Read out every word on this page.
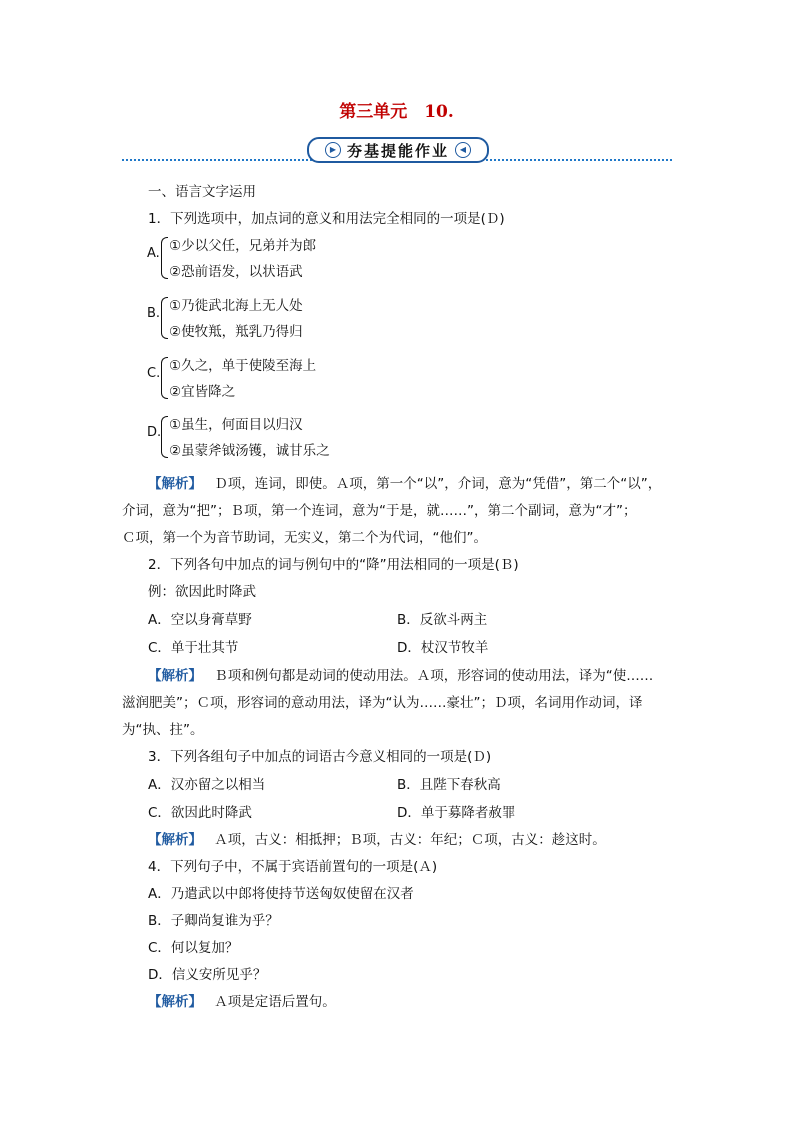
第三单元　10.
▶ 夯基提能作业	◀
一、语言文字运用
1．下列选项中，加点词的意义和用法完全相同的一项是(Ｄ)
A. ①少以父任，兄弟并为郎
②恐前语发，以状语武
B. ①乃徙武北海上无人处
②使牧羝，羝乳乃得归
C. ①久之，单于使陵至海上
②宜皆降之
D. ①虽生，何面目以归汉
②虽蒙斧钺汤镬，诚甘乐之
【解析】 Ｄ项，连词，即使。Ａ项，第一个“以”，介词，意为“凭借”，第二个“以”，
介词，意为“把”；Ｂ项，第一个连词，意为“于是，就……”，第二个副词，意为“才”；
Ｃ项，第一个为音节助词，无实义，第二个为代词，“他们”。
2．下列各句中加点的词与例句中的“降”用法相同的一项是(Ｂ)
例：欲因此时降武
A．空以身膏草野	B．反欲斗两主
C．单于壮其节	D．杖汉节牧羊
【解析】 Ｂ项和例句都是动词的使动用法。Ａ项，形容词的使动用法，译为“使……
滋润肥美”；Ｃ项，形容词的意动用法，译为“认为……豪壮”；Ｄ项，名词用作动词，译
为“执、拄”。
3．下列各组句子中加点的词语古今意义相同的一项是(Ｄ)
A．汉亦留之以相当	B．且陛下春秋高
C．欲因此时降武	D．单于募降者赦罪
【解析】 Ａ项，古义：相抵押；Ｂ项，古义：年纪；Ｃ项，古义：趁这时。
4．下列句子中，不属于宾语前置句的一项是(Ａ)
A．乃遣武以中郎将使持节送匈奴使留在汉者
B．子卿尚复谁为乎？
C．何以复加？
D．信义安所见乎？
【解析】 Ａ项是定语后置句。
